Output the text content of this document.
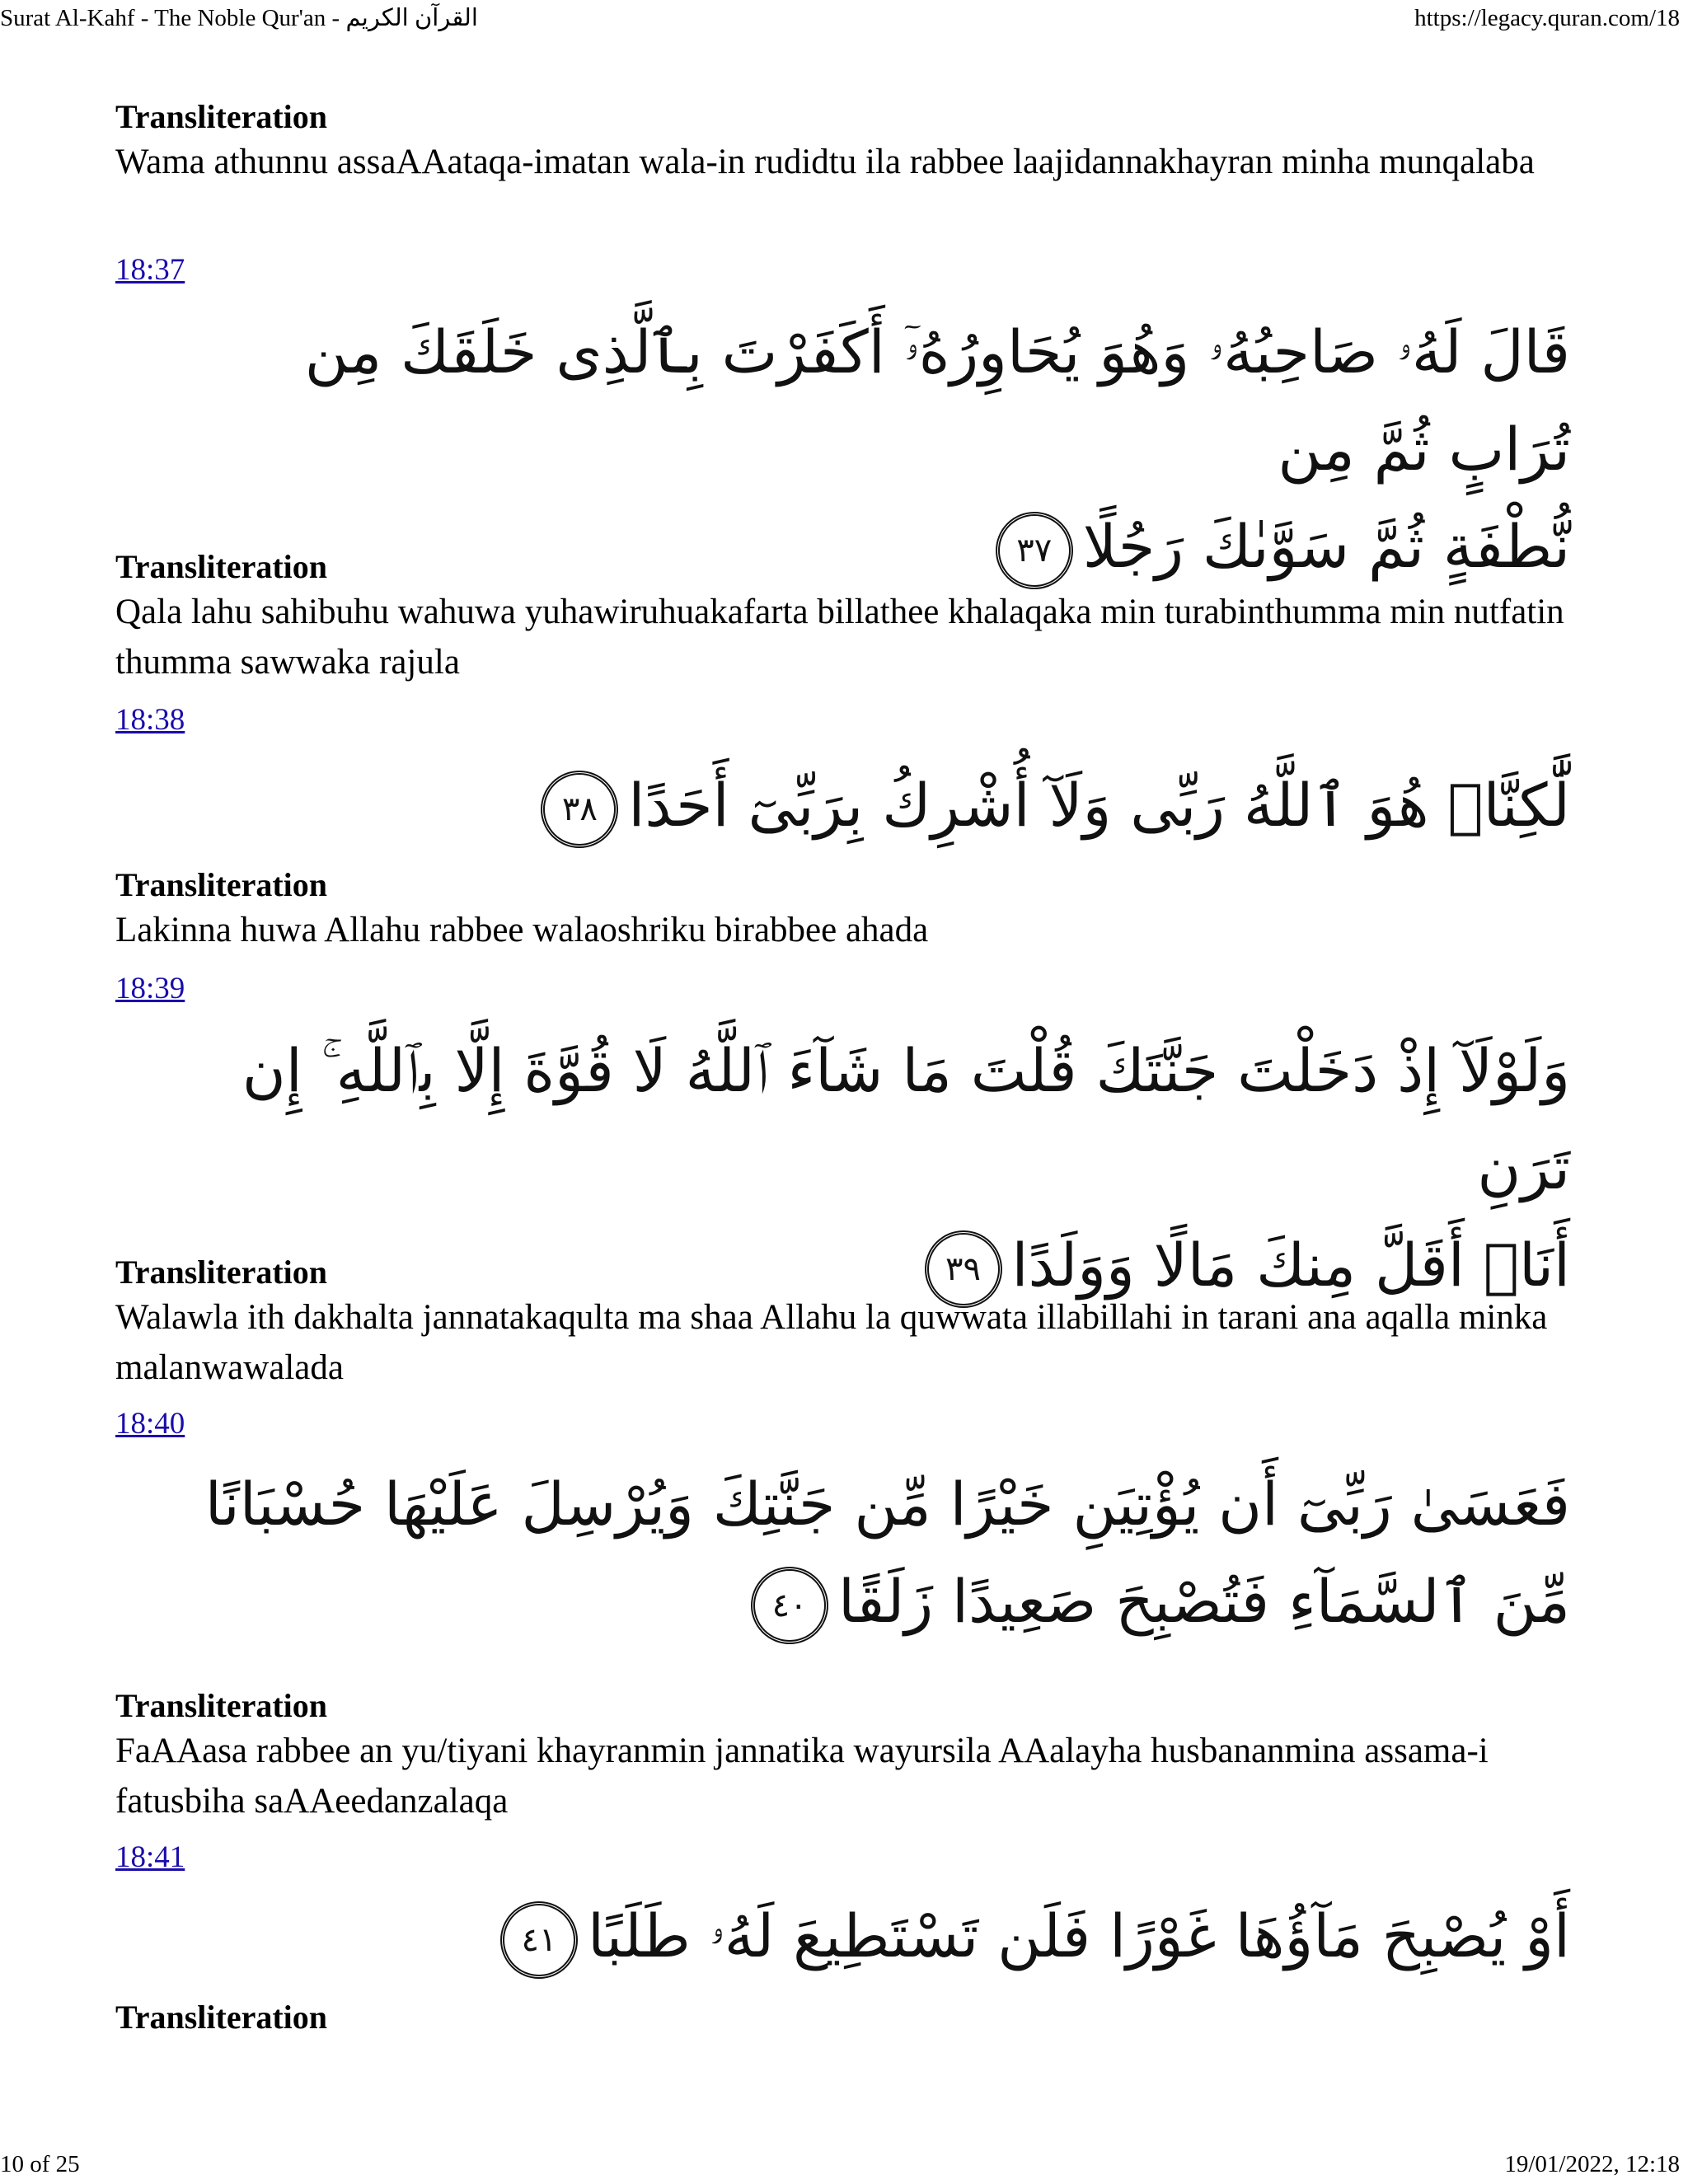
Surat Al-Kahf - The Noble Qur'an - القرآن الكريم	https://legacy.quran.com/18
Transliteration
Wama athunnu assaAAataqa-imatan wala-in rudidtu ila rabbee laajidannakhayran minha munqalaba
18:37
قَالَ لَهُۥ صَاحِبُهُۥ وَهُوَ يُحَاوِرُهُۥٓ أَكَفَرْتَ بِٱلَّذِى خَلَقَكَ مِن تُرَابٍ ثُمَّ مِن
نُّطْفَةٍ ثُمَّ سَوَّىٰكَ رَجُلًا٣٧
Transliteration
Qala lahu sahibuhu wahuwa yuhawiruhuakafarta billathee khalaqaka min turabinthumma min nutfatin thumma sawwaka rajula
18:38
لَّٰكِنَّا۠ هُوَ ٱللَّهُ رَبِّى وَلَآ أُشْرِكُ بِرَبِّىٓ أَحَدًا٣٨
Transliteration
Lakinna huwa Allahu rabbee walaoshriku birabbee ahada
18:39
وَلَوْلَآ إِذْ دَخَلْتَ جَنَّتَكَ قُلْتَ مَا شَآءَ ٱللَّهُ لَا قُوَّةَ إِلَّا بِٱللَّهِ ۚ إِن تَرَنِ
أَنَا۠ أَقَلَّ مِنكَ مَالًا وَوَلَدًا٣٩
Transliteration
Walawla ith dakhalta jannatakaqulta ma shaa Allahu la quwwata illabillahi in tarani ana aqalla minka malanwawalada
18:40
فَعَسَىٰ رَبِّىٓ أَن يُؤْتِيَنِ خَيْرًا مِّن جَنَّتِكَ وَيُرْسِلَ عَلَيْهَا حُسْبَانًا
مِّنَ ٱلسَّمَآءِ فَتُصْبِحَ صَعِيدًا زَلَقًا٤٠
Transliteration
FaAAasa rabbee an yu/tiyani khayranmin jannatika wayursila AAalayha husbananmina assama-i fatusbiha saAAeedanzalaqa
18:41
أَوْ يُصْبِحَ مَآؤُهَا غَوْرًا فَلَن تَسْتَطِيعَ لَهُۥ طَلَبًا٤١
Transliteration
10 of 25	19/01/2022, 12:18
